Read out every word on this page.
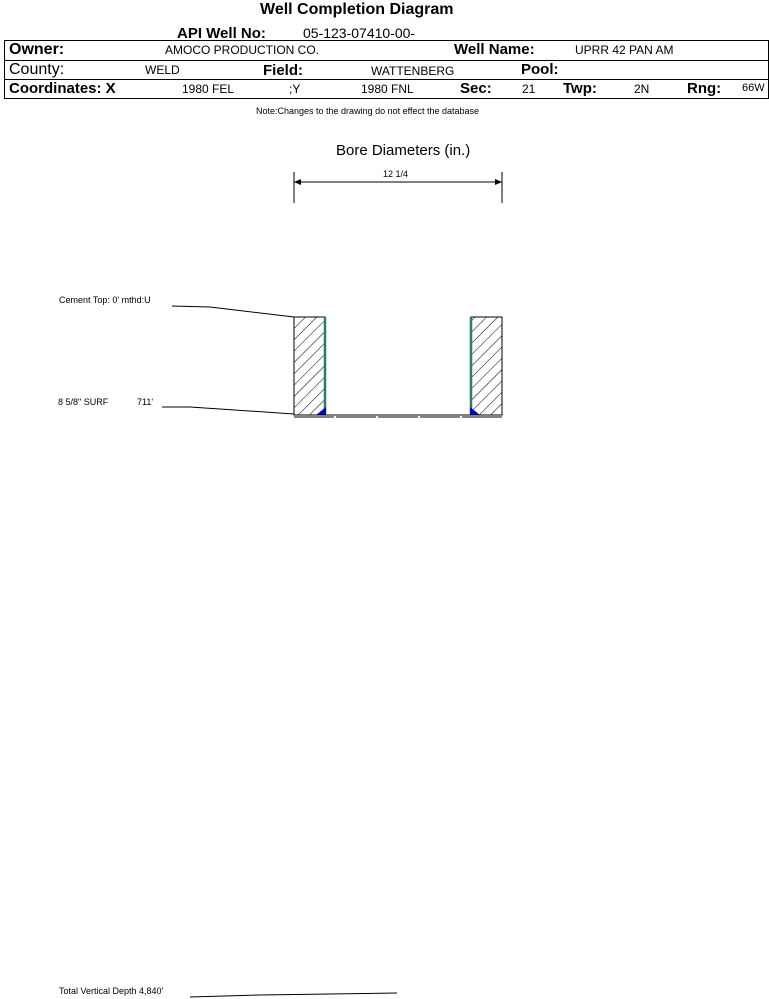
Well Completion Diagram
API Well No:	05-123-07410-00-
Owner:	AMOCO PRODUCTION CO.	Well Name:	UPRR 42 PAN AM
County:	WELD	Field:	WATTENBERG	Pool:
Coordinates: X	1980 FEL	;Y	1980 FNL	Sec:	21 Twp:	2N	Rng: 66W
Note:Changes to the drawing do not effect the database
Bore Diameters (in.)
12 1/4
Cement Top: 0' mthd:U
8 5/8" SURF	711'
Total Vertical Depth 4,840'
